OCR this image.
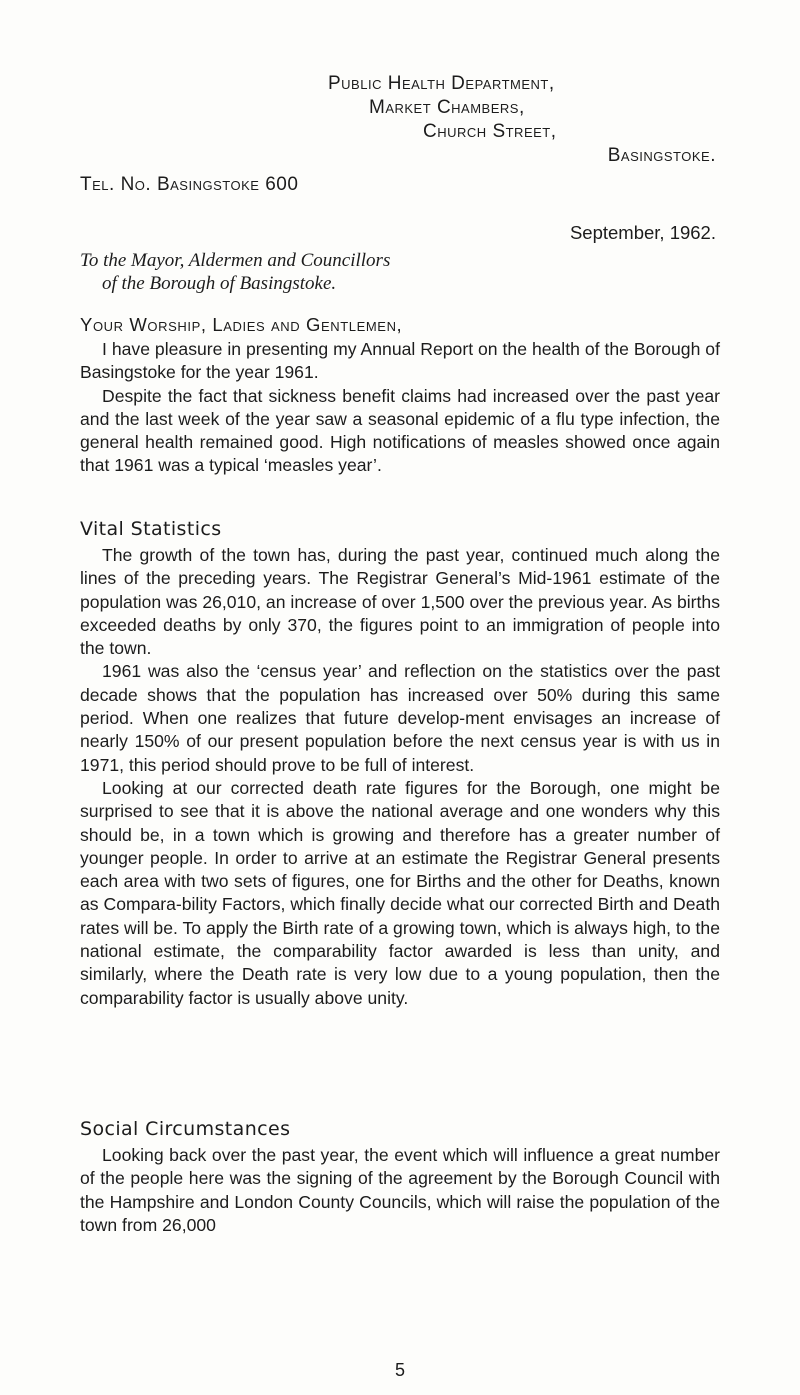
Public Health Department,
Market Chambers,
Church Street,
Basingstoke.
Tel. No. Basingstoke 600
September, 1962.
To the Mayor, Aldermen and Councillors
of the Borough of Basingstoke.
Your Worship, Ladies and Gentlemen,

I have pleasure in presenting my Annual Report on the health of the Borough of Basingstoke for the year 1961.

Despite the fact that sickness benefit claims had increased over the past year and the last week of the year saw a seasonal epidemic of a flu type infection, the general health remained good. High notifications of measles showed once again that 1961 was a typical ‘measles year’.

Vital Statistics

The growth of the town has, during the past year, continued much along the lines of the preceding years. The Registrar General’s Mid-1961 estimate of the population was 26,010, an increase of over 1,500 over the previous year. As births exceeded deaths by only 370, the figures point to an immigration of people into the town.

1961 was also the ‘census year’ and reflection on the statistics over the past decade shows that the population has increased over 50% during this same period. When one realizes that future develop-ment envisages an increase of nearly 150% of our present population before the next census year is with us in 1971, this period should prove to be full of interest.

Looking at our corrected death rate figures for the Borough, one might be surprised to see that it is above the national average and one wonders why this should be, in a town which is growing and therefore has a greater number of younger people. In order to arrive at an estimate the Registrar General presents each area with two sets of figures, one for Births and the other for Deaths, known as Compara-bility Factors, which finally decide what our corrected Birth and Death rates will be. To apply the Birth rate of a growing town, which is always high, to the national estimate, the comparability factor awarded is less than unity, and similarly, where the Death rate is very low due to a young population, then the comparability factor is usually above unity.

Social Circumstances

Looking back over the past year, the event which will influence a great number of the people here was the signing of the agreement by the Borough Council with the Hampshire and London County Councils, which will raise the population of the town from 26,000

5
